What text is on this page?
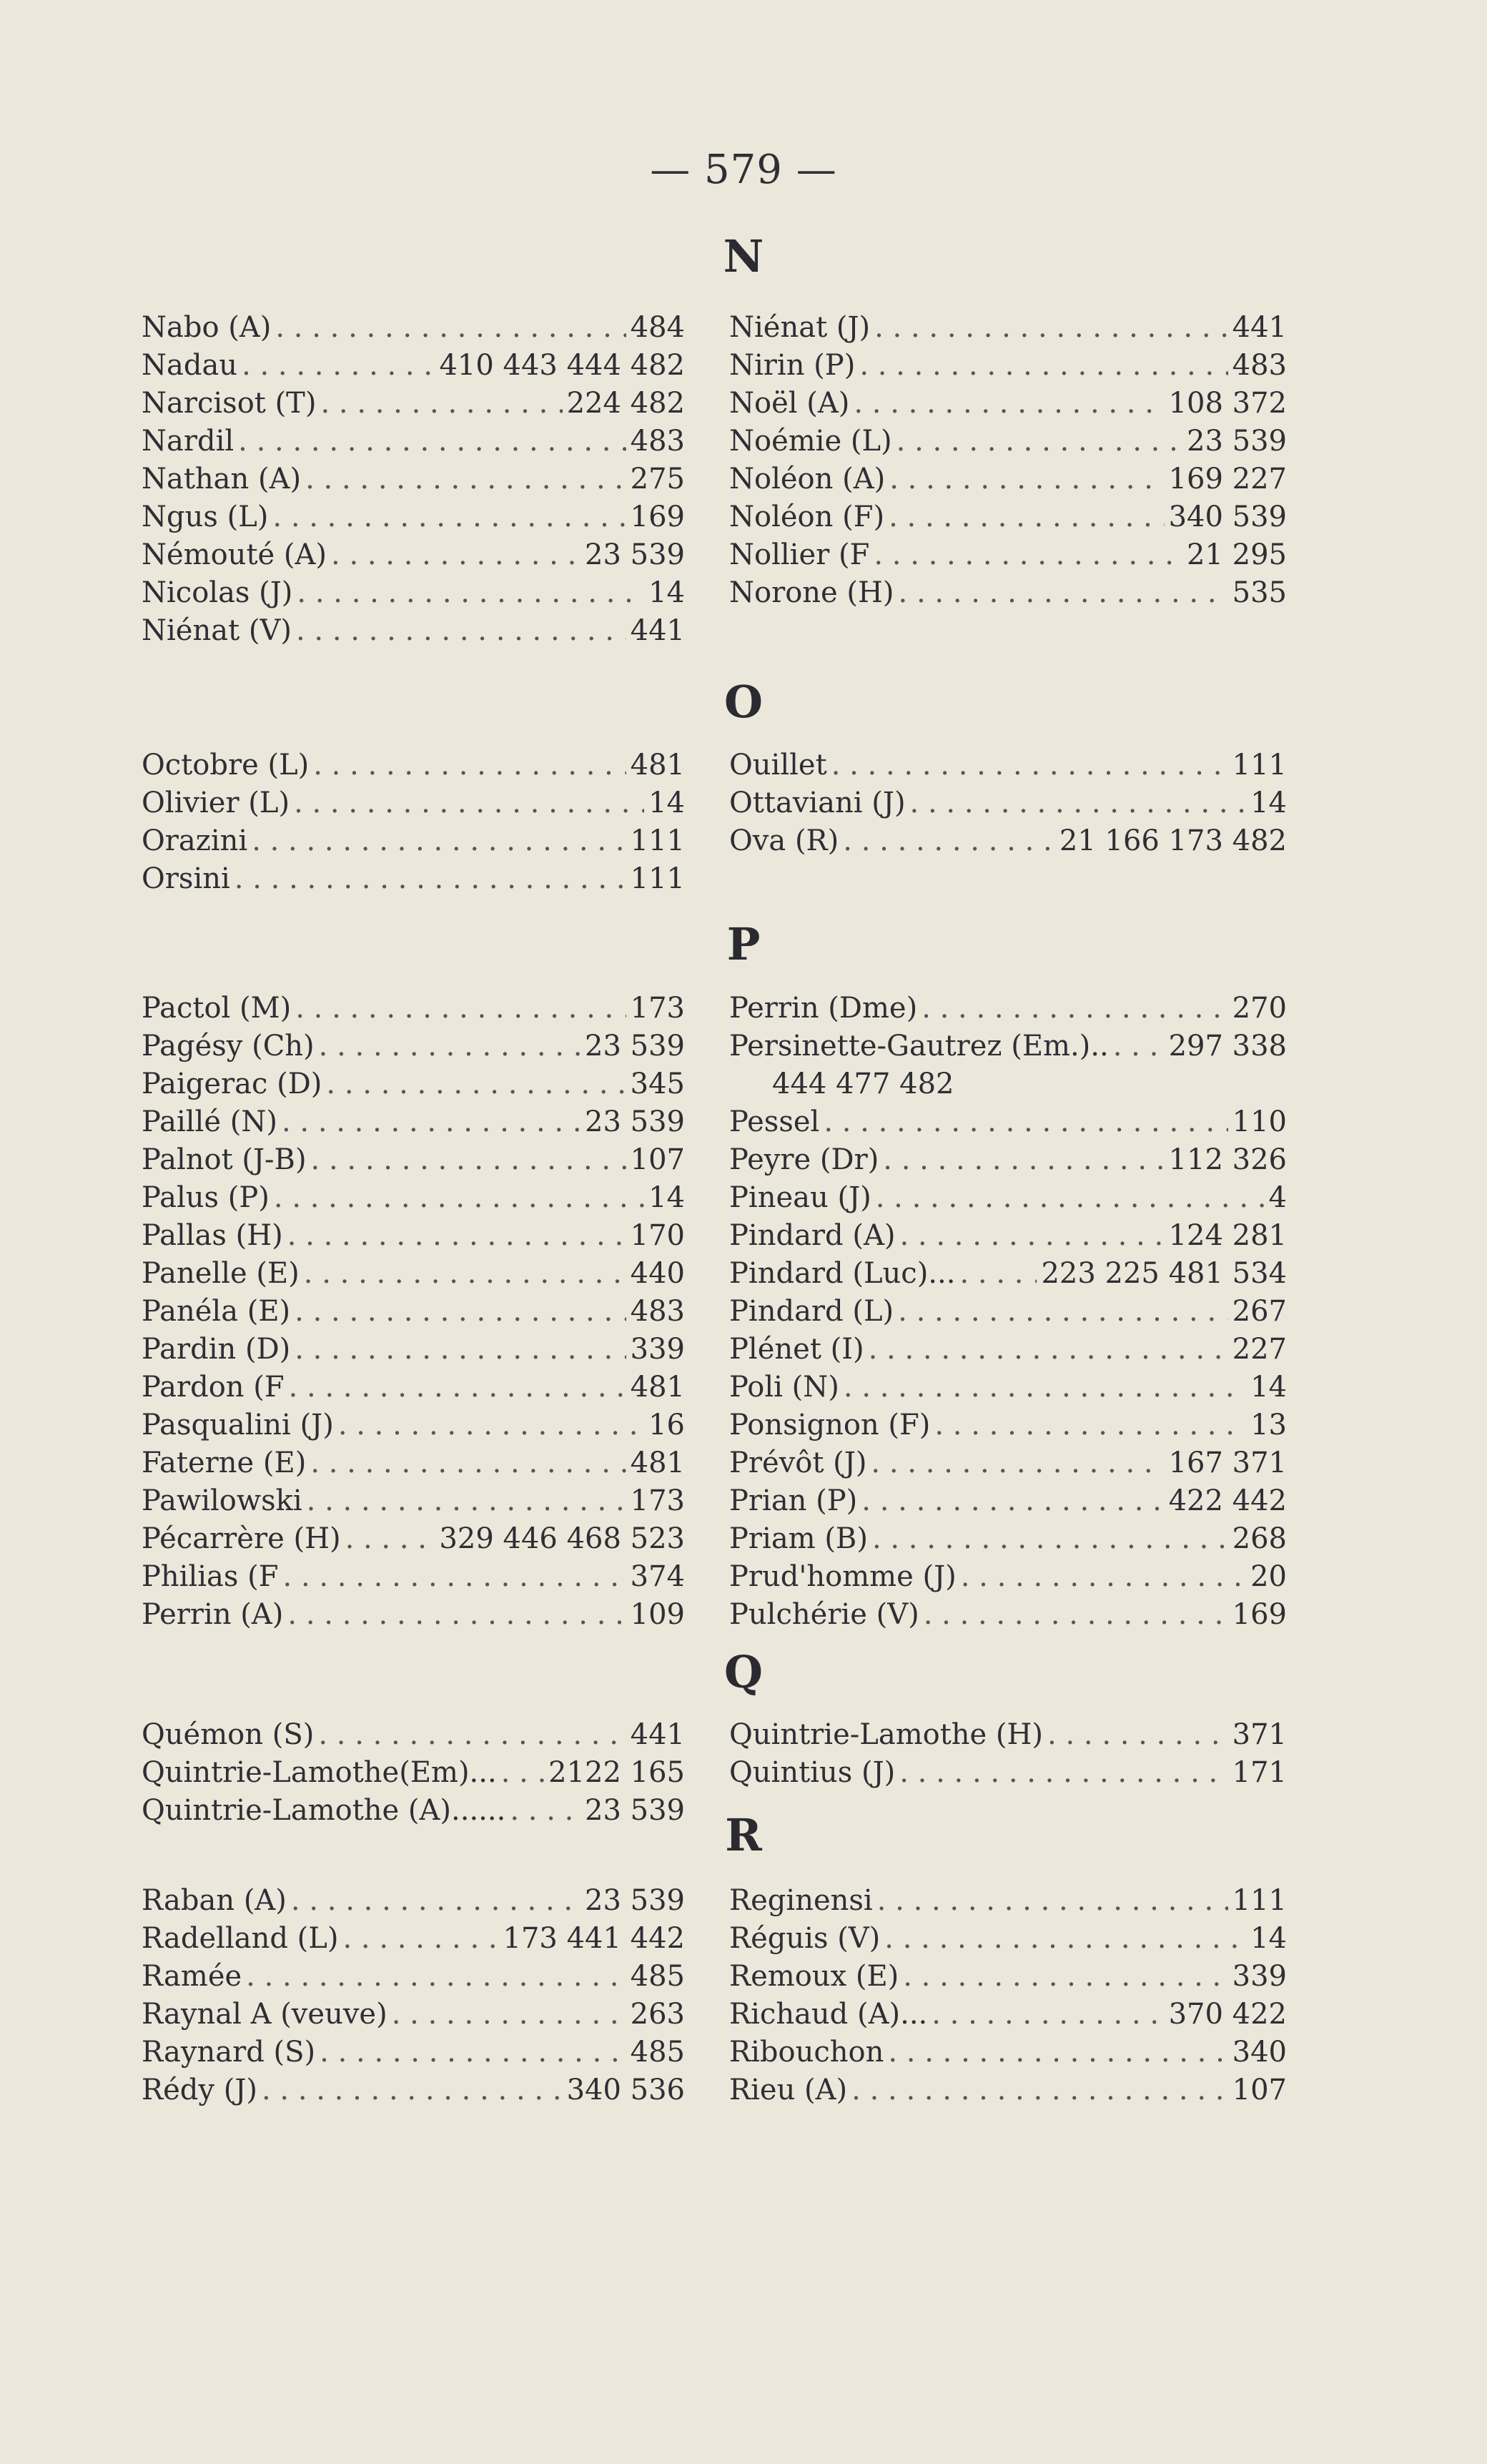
— 579 —
N
Nabo (A) . . .	484
Nadau . . .	410 443 444 482
Narcisot (T) . . .	224 482
Nardil . . .	483
Nathan (A) . . .	275
Ngus (L) . . .	169
Némouté (A) . . .	23 539
Nicolas (J) . . .	14
Niénat (V) . . .	441
Niénat (J) . . .	441
Nirin (P) . . .	483
Noël (A) . . .	108 372
Noémie (L) . . .	23 539
Noléon (A) . . .	169 227
Noléon (F) . . .	340 539
Nollier (F . . .	21 295
Norone (H) . . .	535
O
Octobre (L) . . .	481
Olivier (L) . . .	14
Orazini . . .	111
Orsini . . .	111
Ouillet . . .	111
Ottaviani (J) . . .	14
Ova (R) . . .	21 166 173 482
P
Pactol (M) . . .	173
Pagésy (Ch) . . .	23 539
Paigerac (D) . . .	345
Paillé (N) . . .	23 539
Palnot (J-B) . . .	107
Palus (P) . . .	14
Pallas (H) . . .	170
Panelle (E) . . .	440
Panéla (E) . . .	483
Pardin (D) . . .	339
Pardon (F . . .	481
Pasqualini (J) . . .	16
Faterne (E) . . .	481
Pawilowski . . .	173
Pécarrère (H) . . .	329 446 468 523
Philias (F . . .	374
Perrin (A) . . .	109
Perrin (Dme) . . .	270
Persinette-Gautrez (Em.).. . . . 297 338
444 477 482
Pessel . . .	110
Peyre (Dr) . . .	112 326
Pineau (J) . . .	4
Pindard (A) . . .	124 281
Pindard (Luc)... . . .	223 225 481 534
Pindard (L) . . .	267
Plénet (I) . . .	227
Poli (N) . . .	14
Ponsignon (F) . . .	13
Prévôt (J) . . .	167 371
Prian (P) . . .	422 442
Priam (B) . . .	268
Prud'homme (J) . . .	20
Pulchérie (V) . . .	169
Q
Quémon (S) . . .	441
Quintrie-Lamothe(Em)... . . . 2122 165
Quintrie-Lamothe (A)...... . . .	23 539
Quintrie-Lamothe (H) . . .	371
Quintius (J) . . .	171
R
Raban (A) . . .	23 539
Radelland (L) . . .	173 441 442
Ramée . . .	485
Raynal A (veuve) . . .	263
Raynard (S) . . .	485
Rédy (J) . . .	340 536
Reginensi . . .	111
Réguis (V) . . .	14
Remoux (E) . . .	339
Richaud (A)... . . .	370 422
Ribouchon . . .	340
Rieu (A) . . .	107
